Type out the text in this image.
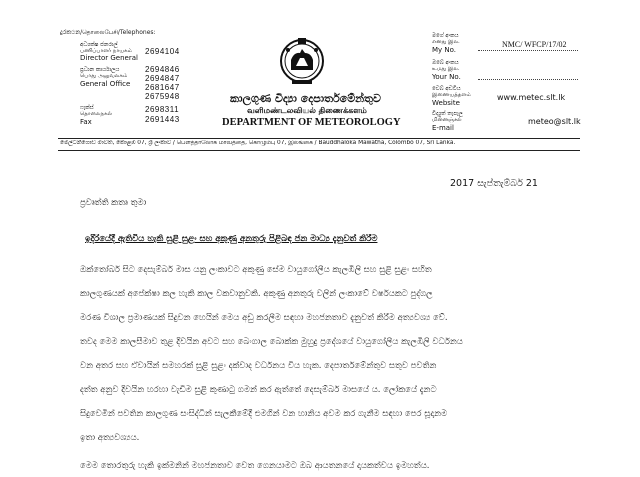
දුරකථන/தொலைபேசி/Telephones:
අධ්‍යක්ෂ ජනරාල්
பணிப்பாளர் நாயகம்
Director General
2694104
ප්‍රධාන කාර්යාලය
பொது அலுவலகம்
General Office
2694846
2694847
2681647
2675948
ෆැක්ස්
தொலைநகல்
Fax
2698311
2691443
කාලගුණ විද්‍යා දෙපාර්තමේන්තුව
வளிமண்டலவியல் திணைக்களம்
DEPARTMENT OF METEOROLOGY
මගේ අංකය
எனது இல.
My No.
NMC/ WFCP/17/02
ඔබේ අංකය
உமது இல.
Your No.
වෙබ් අඩවිය
இணையத்தளம்
Website
www.metec.slt.lk
විද්‍යුත් තැපෑල
மின்னஞ்சல்
E-mail
meteo@slt.lk
මෙල්ටන්ගොඩ මාවත, කොළඹ 07, ශ්‍රී ලංකාව / பௌத்தாலோக மாவத்தை, கொழும்பு 07, இலங்கை / Bauddhaloka Mawatha, Colombo 07, Sri Lanka.
2017 සැප්තැම්බර් 21
ප්‍රවෘත්ති කතෘ තුමා
ඉදිරියේදී ඇතිවිය හැකි සුළි සුළං සහ අකුණු අනතුරු පිළිබඳ ජන මාධ්‍ය දැනුවත් කිරීම
ඔක්තෝබර් සිට දෙසැම්බර් මාස යනු ලංකාවට අකුණු සේම වායුගෝලීය කැලඹිලි සහ සුළි සුළං සහිත
කාලගුණයක් අපේක්ෂා කල හැකි කාල වකවානුවකි. අකුණු අනතුරු වලින් ලංකාවේ වර්ෂයකට පුද්ගල
මරණ විශාල ප්‍රමාණයක් සිදුවන හෙයින් මෙය අඩු කරලීම සඳහා මහජනතාව දැනුවත් කිරීම අත්‍යවශ්‍ය වේ.
තවද මෙම කාලසීමාව තුළ දිවයින අවට සහ බෙංගාල බොක්ක මුහුදු ප්‍රදේශයේ වායුගෝලීය කැලඹිලි වර්ධනය
වන අතර සහ ඒවායින් සමහරක් සුළි සුළං දක්වාද වර්ධනය විය හැක. දෙපාර්තමේන්තුව සතුව පවතින
දත්ත අනුව දිවයින හරහා වැඩිම සුළි කුණාටු ගමන් කර ඇත්තේ දෙසැම්බර් මාසයේ ය. ලෝකයේ දැනට
සිදුවෙමින් පවතින කාලගුණ සංසිද්ධීන් සැලකීමේදී එමගින් වන හානිය අවම කර ගැනීම සඳහා පෙර සූදානම
ඉතා අත්‍යවශ්‍යය.
මෙම තොරතුරු හැකි ඉක්මනින් මහජනතාව වෙත ගෙනයාමට ඔබ ආයතනයේ දායකත්වය ඉමහත්ය.
